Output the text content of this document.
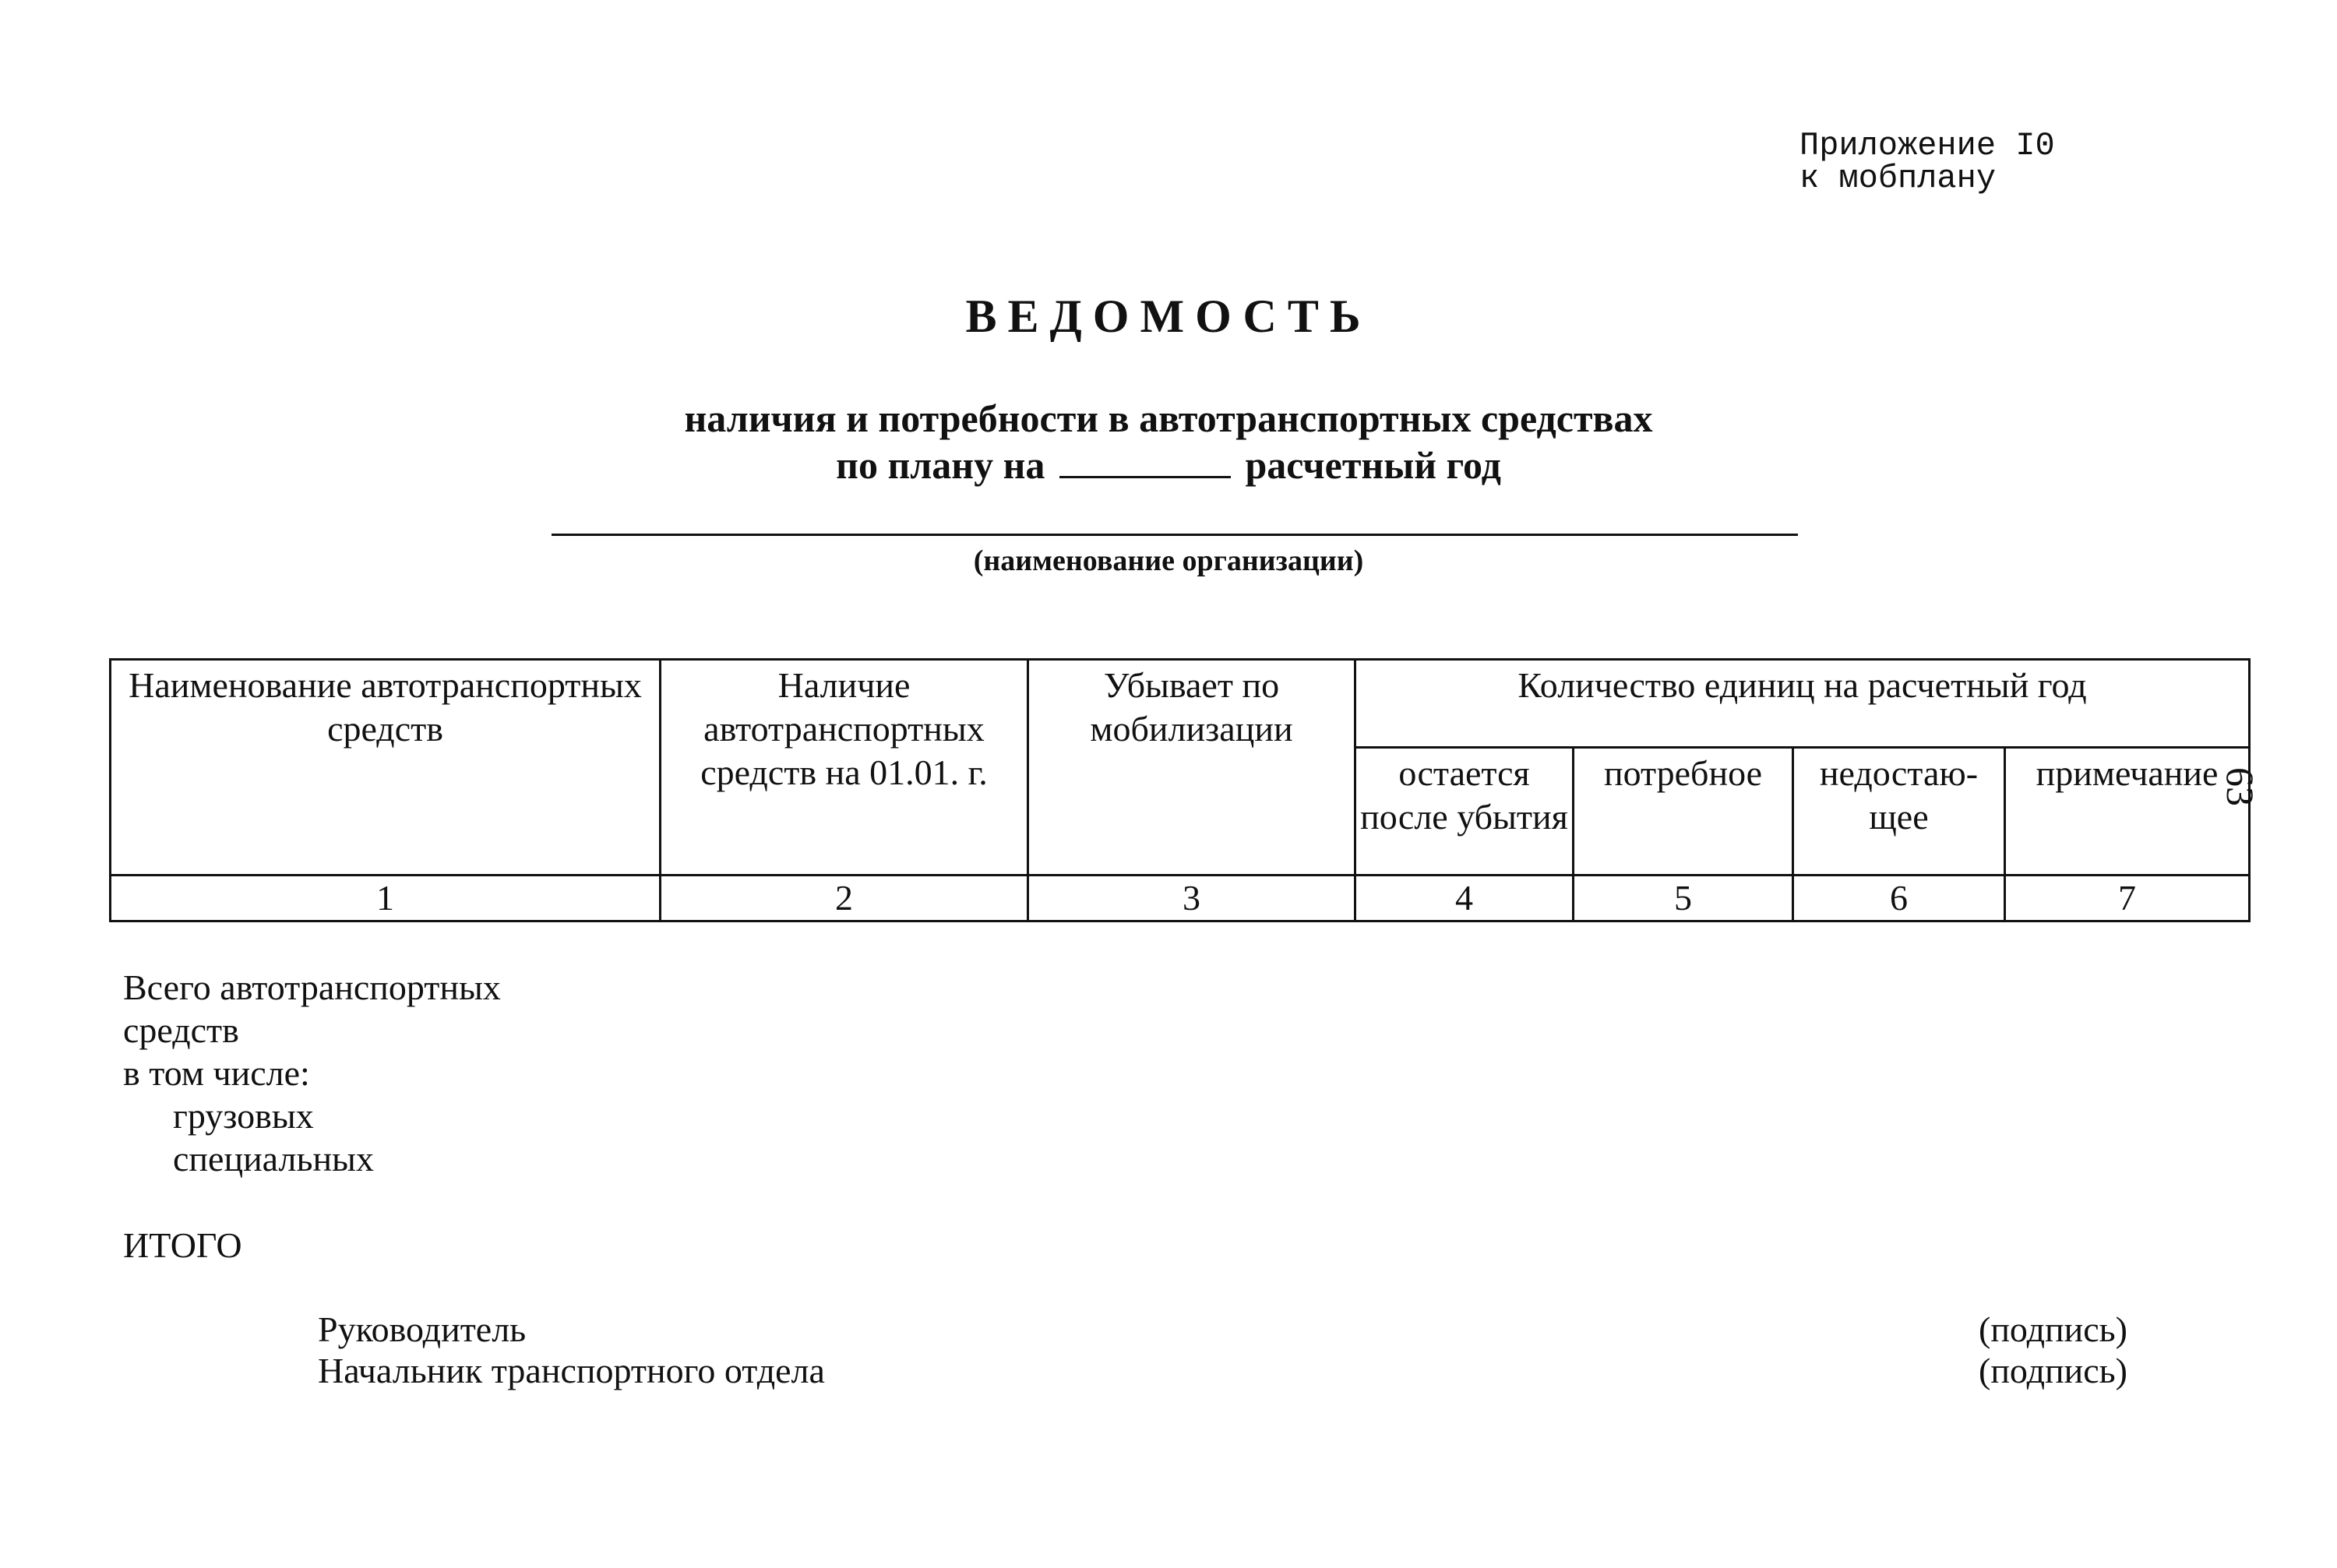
Приложение I0
к мобплану
ВЕДОМОСТЬ
наличия и потребности в автотранспортных средствах
по плану на	расчетный год
(наименование организации)
Наименование автотранспортных средств	Наличие автотранспортных средств на 01.01. г.	Убывает по мобилизации	Количество единиц на расчетный год			
			остается после убытия	потребное	недостаю-щее	примечание
1	2	3	4	5	6	7
63
Всего автотранспортных
средств
в том числе:
грузовых
специальных
ИТОГО
Руководитель	(подпись)
Начальник транспортного отдела	(подпись)
